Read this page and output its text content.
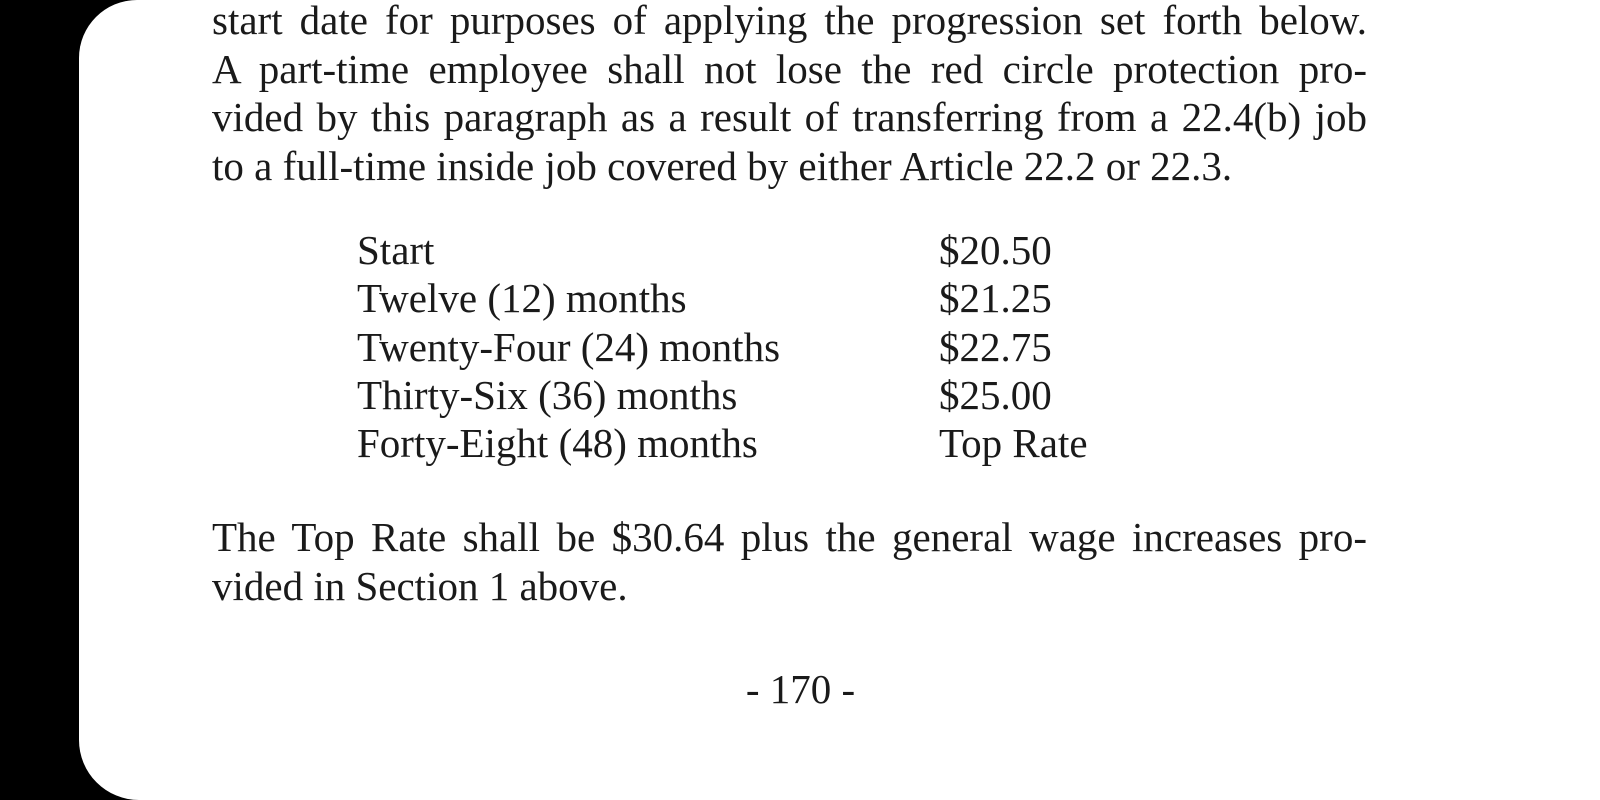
start date for purposes of applying the progression set forth below.
A part-time employee shall not lose the red circle protection pro-
vided by this paragraph as a result of transferring from a 22.4(b) job
to a full-time inside job covered by either Article 22.2 or 22.3.
Start	$20.50
Twelve (12) months	$21.25
Twenty-Four (24) months	$22.75
Thirty-Six (36) months	$25.00
Forty-Eight (48) months	Top Rate
The Top Rate shall be $30.64 plus the general wage increases pro-
vided in Section 1 above.
- 170 -
